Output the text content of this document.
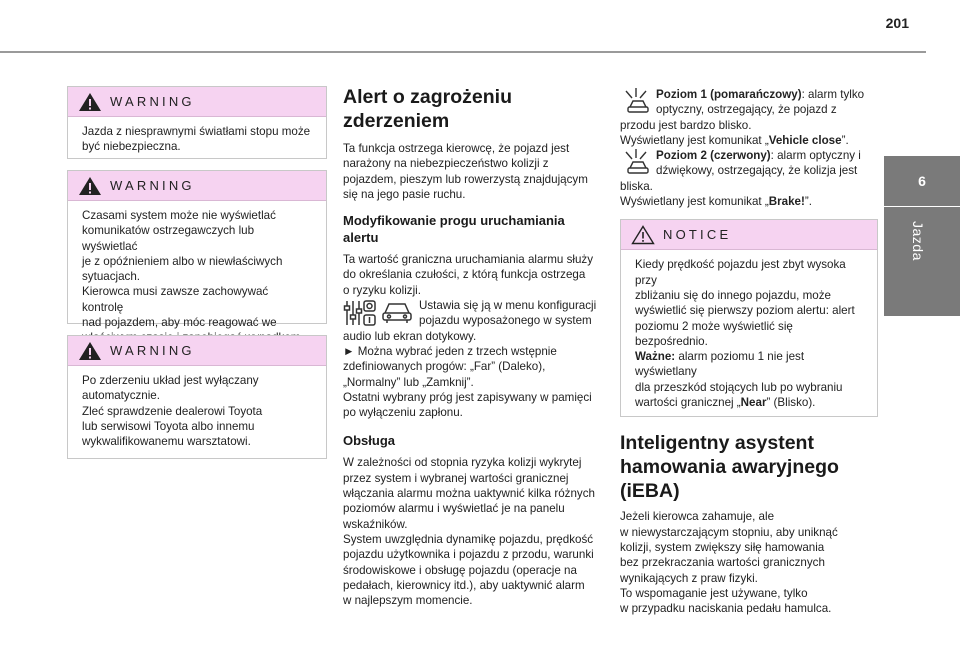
201
6
Jazda
WARNING

Jazda z niesprawnymi światłami stopu może

być niebezpieczna.

WARNING

Czasami system może nie wyświetlać

komunikatów ostrzegawczych lub wyświetlać

je z opóźnieniem albo w niewłaściwych

sytuacjach.

Kierowca musi zawsze zachowywać kontrolę

nad pojazdem, aby móc reagować we

WARNING

Po zderzeniu układ jest wyłączany

automatycznie.

Zleć sprawdzenie dealerowi Toyota

lub serwisowi Toyota albo innemu

wykwalifikowanemu warsztatowi.

Alert o zagrożeniu
zderzeniem

Ta funkcja ostrzega kierowcę, że pojazd jest

narażony na niebezpieczeństwo kolizji z

pojazdem, pieszym lub rowerzystą znajdującym

się na jego pasie ruchu.

Modyfikowanie progu uruchamiania
alertu

Ta wartość graniczna uruchamiania alarmu służy

do określania czułości, z którą funkcja ostrzega

o ryzyku kolizji.

Ustawia się ją w menu konfiguracji

pojazdu wyposażonego w system

audio lub ekran dotykowy.

► Można wybrać jeden z trzech wstępnie

zdefiniowanych progów: „Far” (Daleko),

„Normalny” lub „Zamknij”.

Ostatni wybrany próg jest zapisywany w pamięci

po wyłączeniu zapłonu.

Obsługa

W zależności od stopnia ryzyka kolizji wykrytej

przez system i wybranej wartości granicznej

włączania alarmu można uaktywnić kilka różnych

poziomów alarmu i wyświetlać je na panelu

wskaźników.

System uwzględnia dynamikę pojazdu, prędkość

pojazdu użytkownika i pojazdu z przodu, warunki

środowiskowe i obsługę pojazdu (operacje na

pedałach, kierownicy itd.), aby uaktywnić alarm

w najlepszym momencie.

Poziom 1 (pomarańczowy): alarm tylko

optyczny, ostrzegający, że pojazd z

przodu jest bardzo blisko.

Wyświetlany jest komunikat „Vehicle close”.

Poziom 2 (czerwony): alarm optyczny i

dźwiękowy, ostrzegający, że kolizja jest

bliska.

Wyświetlany jest komunikat „Brake!”.

NOTICE

Kiedy prędkość pojazdu jest zbyt wysoka przy

zbliżaniu się do innego pojazdu, może

wyświetlić się pierwszy poziom alertu: alert

poziomu 2 może wyświetlić się bezpośrednio.

Ważne: alarm poziomu 1 nie jest wyświetlany

dla przeszkód stojących lub po wybraniu

wartości granicznej „Near” (Blisko).

Inteligentny asystent
hamowania awaryjnego
(iEBA)

Jeżeli kierowca zahamuje, ale

w niewystarczającym stopniu, aby uniknąć

kolizji, system zwiększy siłę hamowania

bez przekraczania wartości granicznych

wynikających z praw fizyki.

To wspomaganie jest używane, tylko

w przypadku naciskania pedału hamulca.
